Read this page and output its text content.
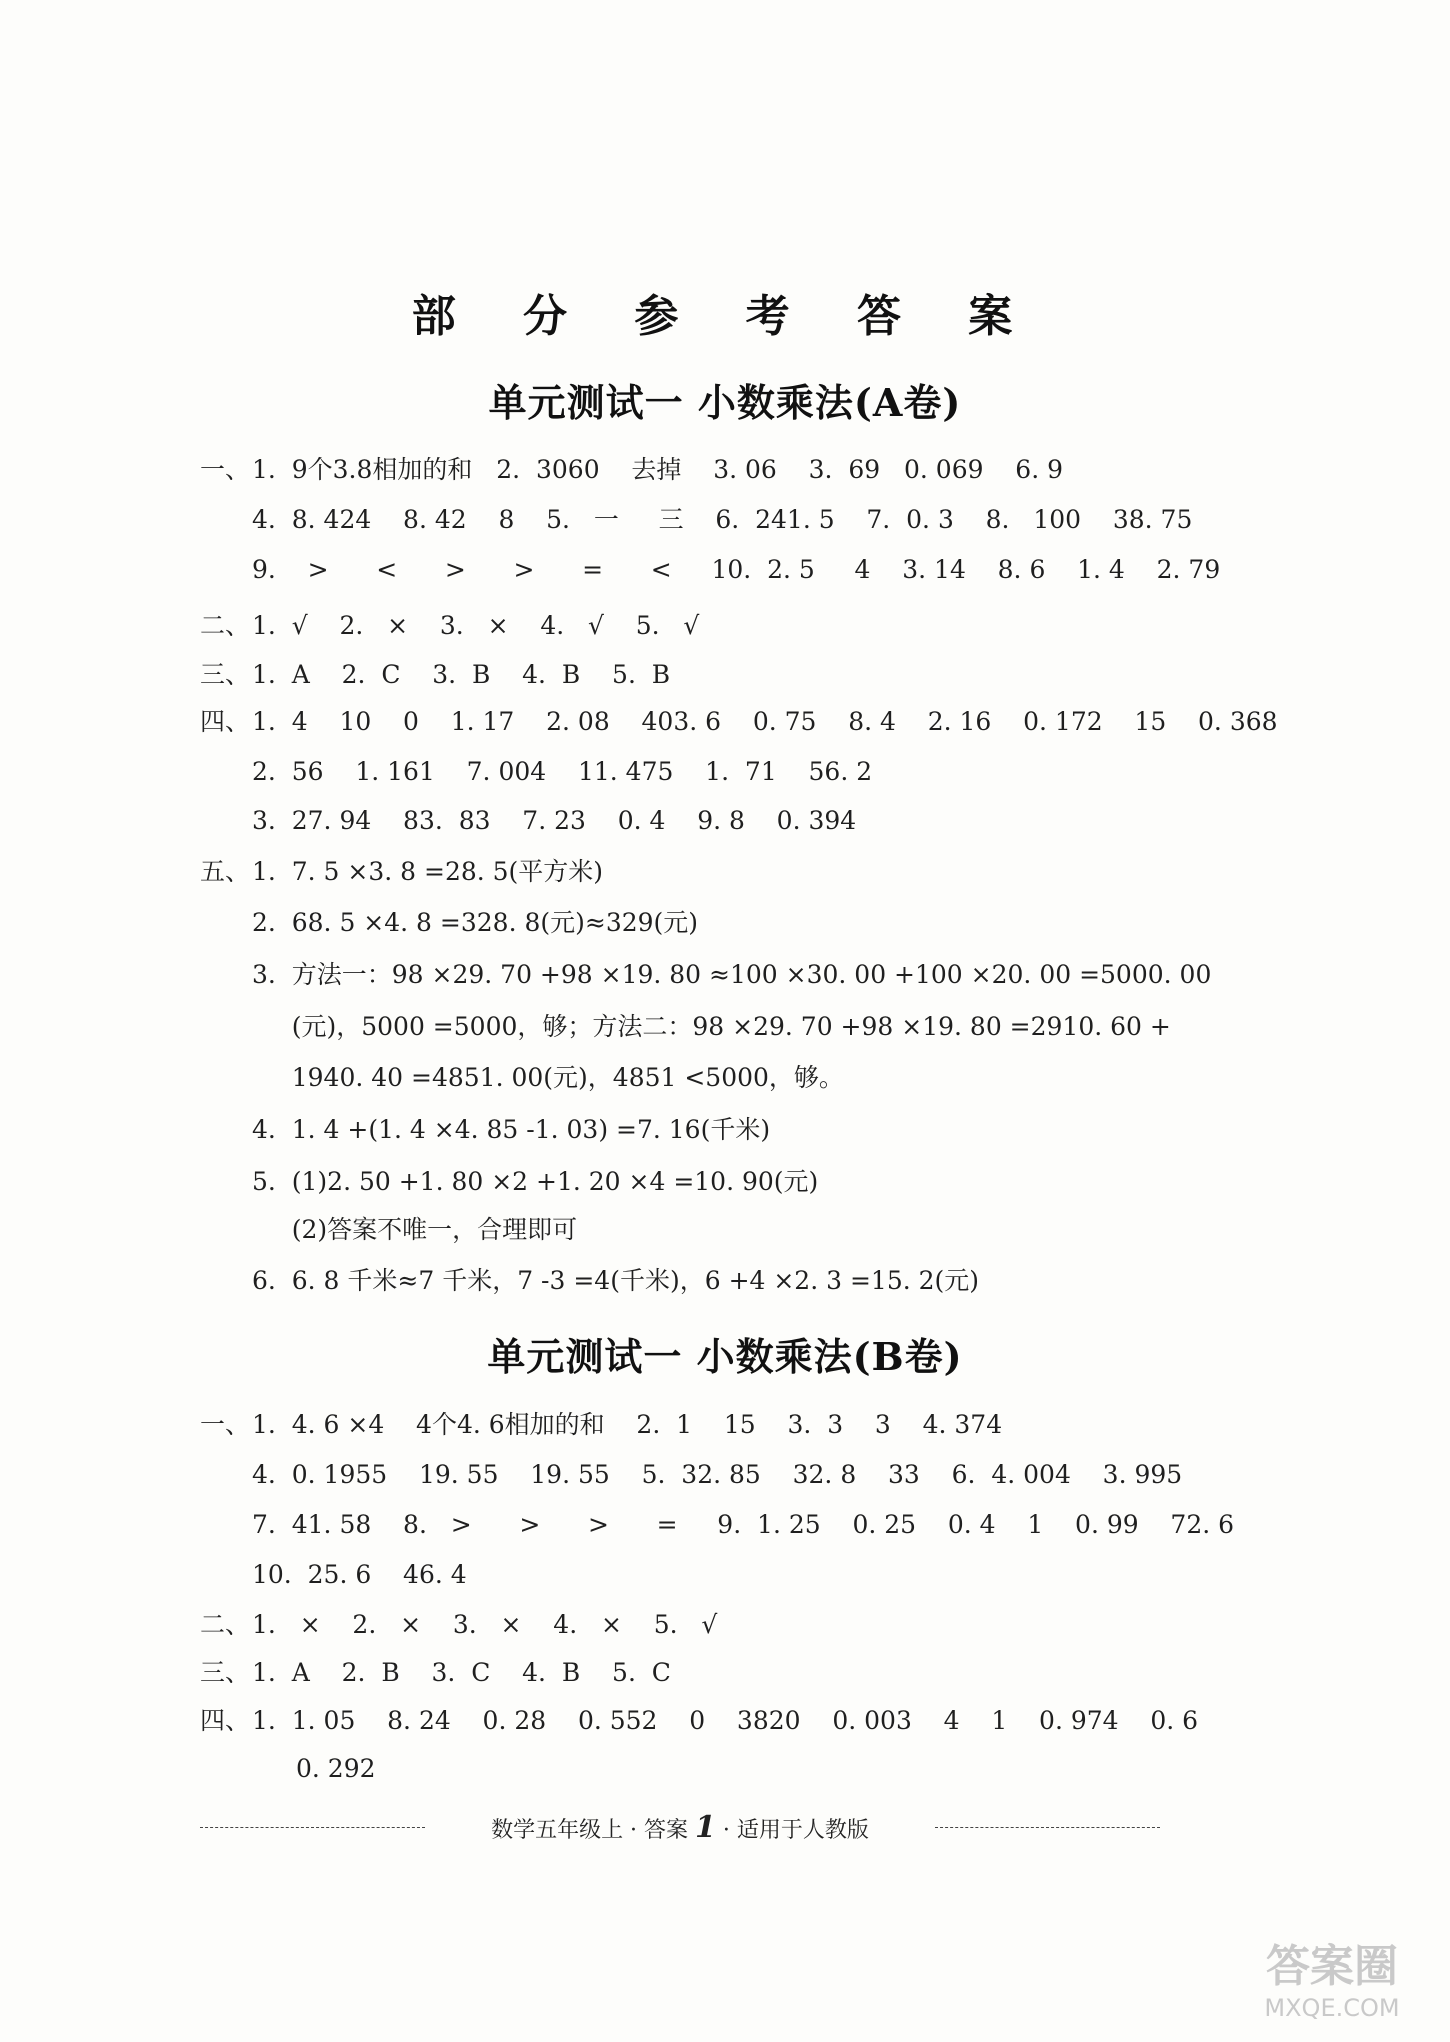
部 分 参 考 答 案
单元测试一 小数乘法(A卷)
一、 1.  9个3.8相加的和   2.  3060    去掉    3. 06    3.  69   0. 069    6. 9
4.  8. 424    8. 42    8    5.   一     三    6.  241. 5    7.  0. 3    8.   100    38. 75
9.    >      <      >      >      =      <     10.  2. 5     4    3. 14    8. 6    1. 4    2. 79
二、 1.  √    2.   ×    3.   ×    4.   √    5.   √
三、 1.  A    2.  C    3.  B    4.  B    5.  B
四、 1.  4    10    0    1. 17    2. 08    403. 6    0. 75    8. 4    2. 16    0. 172    15    0. 368
2.  56    1. 161    7. 004    11. 475    1.  71    56. 2
3.  27. 94    83.  83    7. 23    0. 4    9. 8    0. 394
五、 1.  7. 5 ×3. 8 =28. 5(平方米)
2.  68. 5 ×4. 8 =328. 8(元)≈329(元)
3.  方法一：98 ×29. 70 +98 ×19. 80 ≈100 ×30. 00 +100 ×20. 00 =5000. 00
(元)，5000 =5000，够；方法二：98 ×29. 70 +98 ×19. 80 =2910. 60 +
1940. 40 =4851. 00(元)，4851 <5000，够。
4.  1. 4 +(1. 4 ×4. 85 -1. 03) =7. 16(千米)
5.  (1)2. 50 +1. 80 ×2 +1. 20 ×4 =10. 90(元)
(2)答案不唯一，合理即可
6.  6. 8 千米≈7 千米，7 -3 =4(千米)，6 +4 ×2. 3 =15. 2(元)
单元测试一 小数乘法(B卷)
一、 1.  4. 6 ×4    4个4. 6相加的和    2.  1    15    3.  3    3    4. 374
4.  0. 1955    19. 55    19. 55    5.  32. 85    32. 8    33    6.  4. 004    3. 995
7.  41. 58    8.   >      >      >      =     9.  1. 25    0. 25    0. 4    1    0. 99    72. 6
10.  25. 6    46. 4
二、 1.   ×    2.   ×    3.   ×    4.   ×    5.   √
三、 1.  A    2.  B    3.  C    4.  B    5.  C
四、 1.  1. 05    8. 24    0. 28    0. 552    0    3820    0. 003    4    1    0. 974    0. 6
0. 292
数学五年级上 · 答案 1 · 适用于人教版
答案圈
MXQE.COM
